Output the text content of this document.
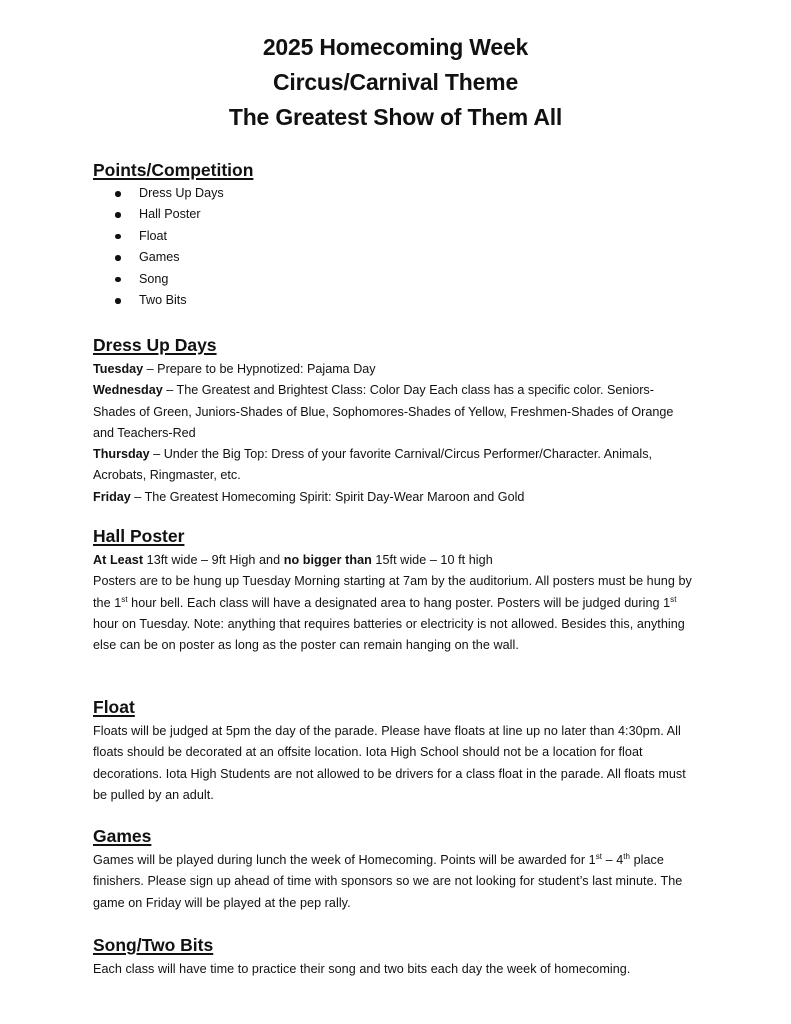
2025 Homecoming Week
Circus/Carnival Theme
The Greatest Show of Them All
Points/Competition
Dress Up Days
Hall Poster
Float
Games
Song
Two Bits
Dress Up Days

Tuesday – Prepare to be Hypnotized: Pajama Day

Wednesday – The Greatest and Brightest Class: Color Day Each class has a specific color. Seniors-Shades of Green, Juniors-Shades of Blue, Sophomores-Shades of Yellow, Freshmen-Shades of Orange and Teachers-Red

Thursday – Under the Big Top: Dress of your favorite Carnival/Circus Performer/Character. Animals, Acrobats, Ringmaster, etc.

Friday – The Greatest Homecoming Spirit: Spirit Day-Wear Maroon and Gold

Hall Poster

At Least 13ft wide – 9ft High and no bigger than 15ft wide – 10 ft high

Posters are to be hung up Tuesday Morning starting at 7am by the auditorium. All posters must be hung by the 1st hour bell. Each class will have a designated area to hang poster. Posters will be judged during 1st hour on Tuesday. Note: anything that requires batteries or electricity is not allowed. Besides this, anything else can be on poster as long as the poster can remain hanging on the wall.

Float

Floats will be judged at 5pm the day of the parade. Please have floats at line up no later than 4:30pm. All floats should be decorated at an offsite location. Iota High School should not be a location for float decorations. Iota High Students are not allowed to be drivers for a class float in the parade. All floats must be pulled by an adult.

Games

Games will be played during lunch the week of Homecoming. Points will be awarded for 1st – 4th place finishers. Please sign up ahead of time with sponsors so we are not looking for student’s last minute. The game on Friday will be played at the pep rally.

Song/Two Bits

Each class will have time to practice their song and two bits each day the week of homecoming.
